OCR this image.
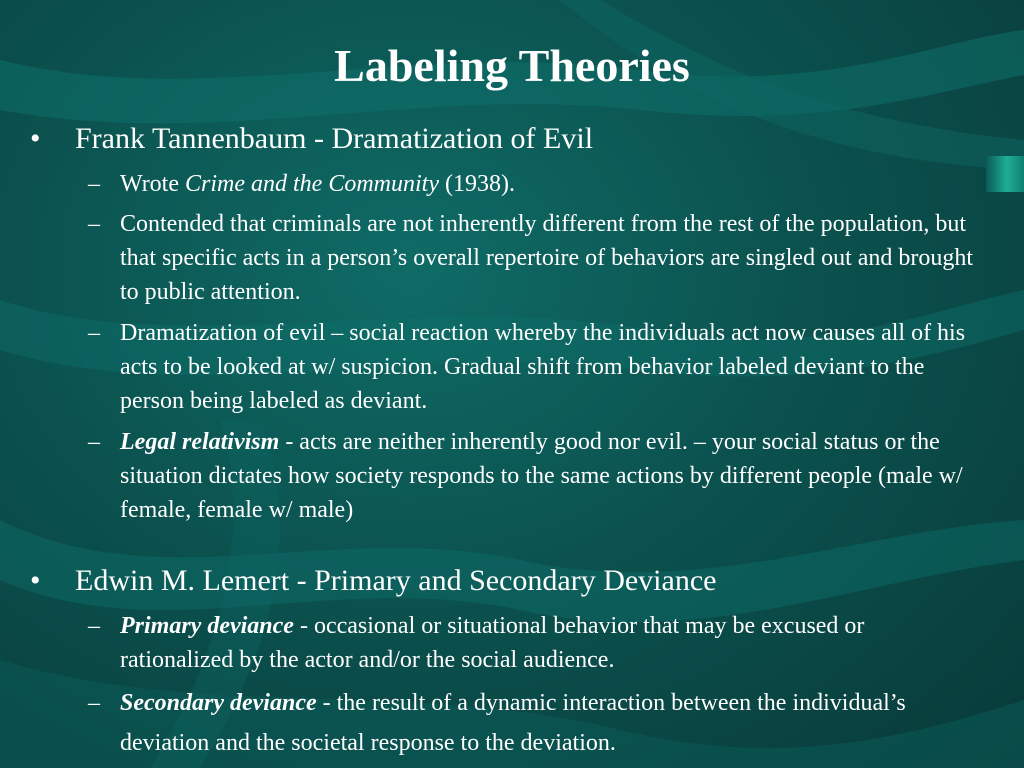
Labeling Theories
• Frank Tannenbaum - Dramatization of Evil
– Wrote Crime and the Community (1938).
– Contended that criminals are not inherently different from the rest of the population, but that specific acts in a person’s overall repertoire of behaviors are singled out and brought to public attention.
– Dramatization of evil – social reaction whereby the individuals act now causes all of his acts to be looked at w/ suspicion. Gradual shift from behavior labeled deviant to the person being labeled as deviant.
– Legal relativism - acts are neither inherently good nor evil. – your social status or the situation dictates how society responds to the same actions by different people (male w/ female, female w/ male)
• Edwin M. Lemert - Primary and Secondary Deviance
– Primary deviance - occasional or situational behavior that may be excused or rationalized by the actor and/or the social audience.
– Secondary deviance - the result of a dynamic interaction between the individual’s deviation and the societal response to the deviation.
